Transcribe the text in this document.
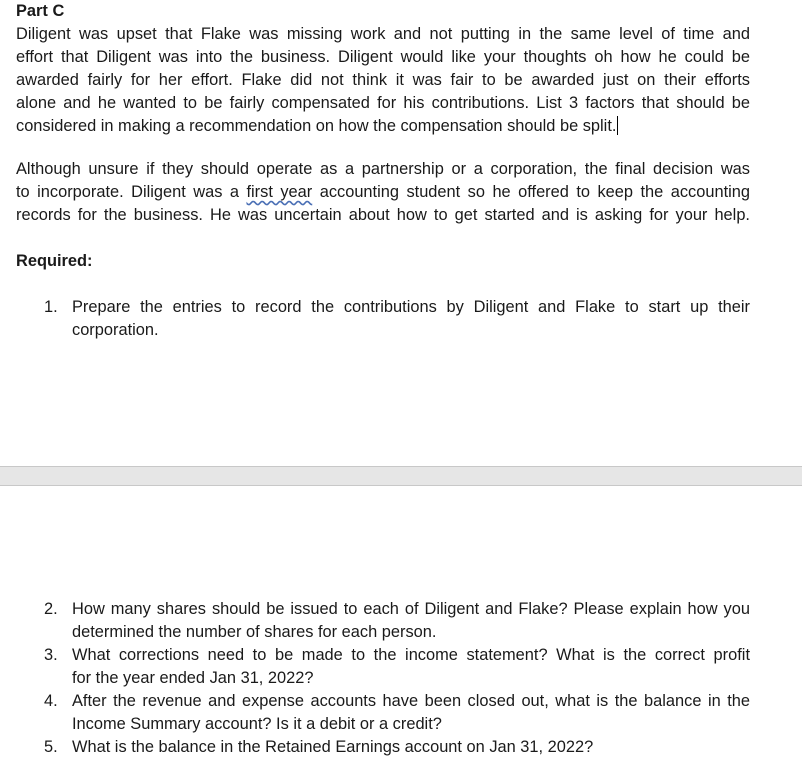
Part C
Diligent was upset that Flake was missing work and not putting in the same level of time and
effort that Diligent was into the business. Diligent would like your thoughts oh how he could be
awarded fairly for her effort. Flake did not think it was fair to be awarded just on their efforts
alone and he wanted to be fairly compensated for his contributions. List 3 factors that should be
considered in making a recommendation on how the compensation should be split.
Although unsure if they should operate as a partnership or a corporation, the final decision was
to incorporate. Diligent was a first year accounting student so he offered to keep the accounting
records for the business. He was uncertain about how to get started and is asking for your help.
Required:
1. Prepare the entries to record the contributions by Diligent and Flake to start up their
corporation.
2. How many shares should be issued to each of Diligent and Flake? Please explain how you
determined the number of shares for each person.
3. What corrections need to be made to the income statement? What is the correct profit
for the year ended Jan 31, 2022?
4. After the revenue and expense accounts have been closed out, what is the balance in the
Income Summary account? Is it a debit or a credit?
5. What is the balance in the Retained Earnings account on Jan 31, 2022?
